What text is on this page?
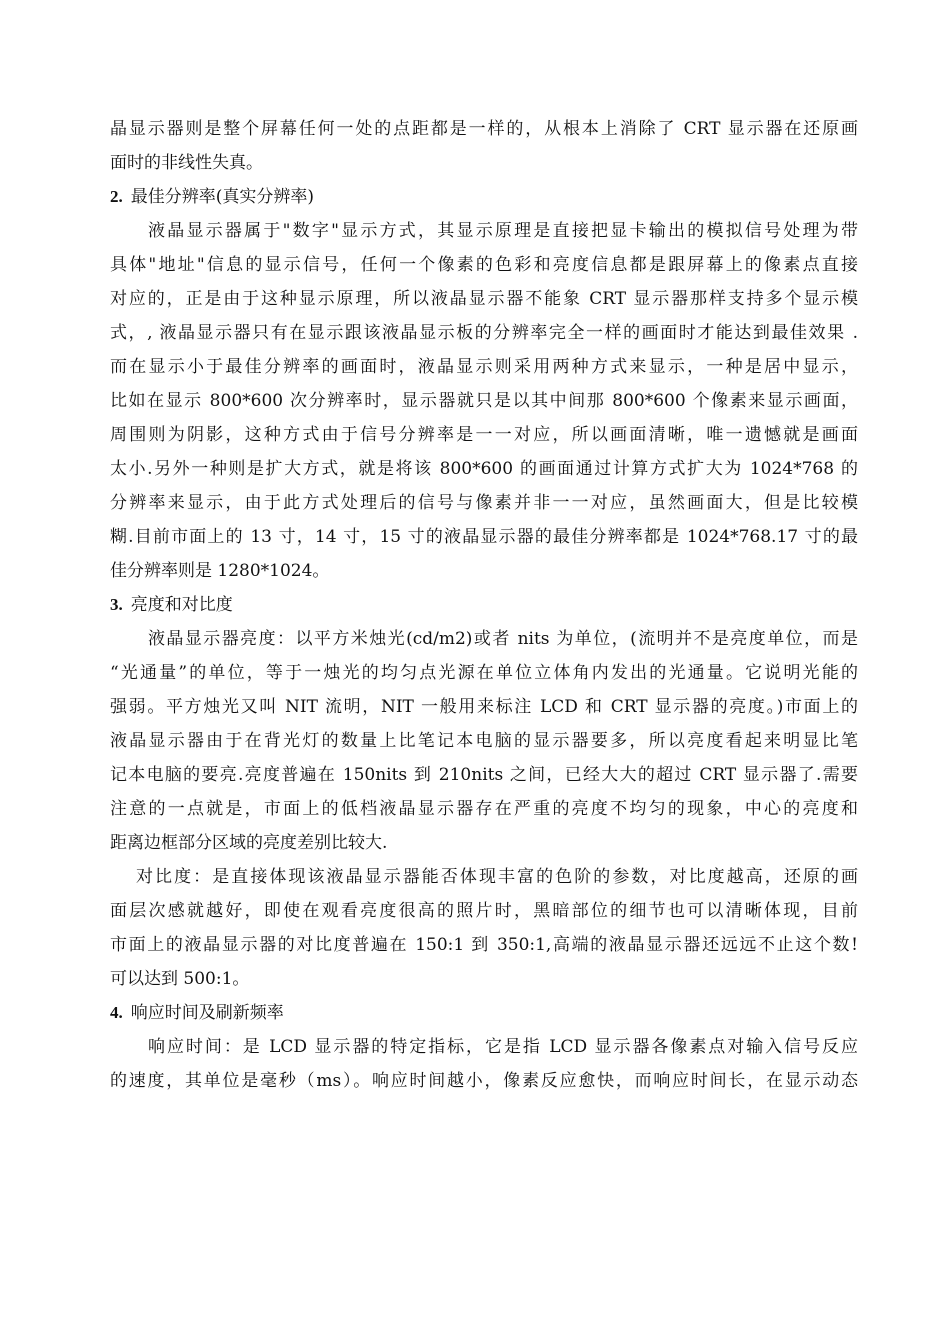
晶显示器则是整个屏幕任何一处的点距都是一样的，从根本上消除了 CRT 显示器在还原画
面时的非线性失真。
2. 最佳分辨率(真实分辨率)
液晶显示器属于"数字"显示方式，其显示原理是直接把显卡输出的模拟信号处理为带
具体"地址"信息的显示信号，任何一个像素的色彩和亮度信息都是跟屏幕上的像素点直接
对应的，正是由于这种显示原理，所以液晶显示器不能象 CRT 显示器那样支持多个显示模
式，, 液晶显示器只有在显示跟该液晶显示板的分辨率完全一样的画面时才能达到最佳效果 .
而在显示小于最佳分辨率的画面时，液晶显示则采用两种方式来显示，一种是居中显示，
比如在显示 800*600 次分辨率时，显示器就只是以其中间那 800*600 个像素来显示画面，
周围则为阴影，这种方式由于信号分辨率是一一对应，所以画面清晰，唯一遗憾就是画面
太小.另外一种则是扩大方式，就是将该 800*600 的画面通过计算方式扩大为 1024*768 的
分辨率来显示，由于此方式处理后的信号与像素并非一一对应，虽然画面大，但是比较模
糊.目前市面上的 13 寸，14 寸，15 寸的液晶显示器的最佳分辨率都是 1024*768.17 寸的最
佳分辨率则是 1280*1024。
3. 亮度和对比度
液晶显示器亮度：以平方米烛光(cd/m2)或者 nits 为单位，(流明并不是亮度单位，而是
“光通量”的单位，等于一烛光的均匀点光源在单位立体角内发出的光通量。它说明光能的
强弱。平方烛光又叫 NIT 流明，NIT 一般用来标注 LCD 和 CRT 显示器的亮度。)市面上的
液晶显示器由于在背光灯的数量上比笔记本电脑的显示器要多，所以亮度看起来明显比笔
记本电脑的要亮.亮度普遍在 150nits 到 210nits 之间，已经大大的超过 CRT 显示器了.需要
注意的一点就是，市面上的低档液晶显示器存在严重的亮度不均匀的现象，中心的亮度和
距离边框部分区域的亮度差别比较大.
对比度：是直接体现该液晶显示器能否体现丰富的色阶的参数，对比度越高，还原的画
面层次感就越好，即使在观看亮度很高的照片时，黑暗部位的细节也可以清晰体现，目前
市面上的液晶显示器的对比度普遍在 150:1 到 350:1,高端的液晶显示器还远远不止这个数!
可以达到 500:1。
4. 响应时间及刷新频率
响应时间：是 LCD 显示器的特定指标，它是指 LCD 显示器各像素点对输入信号反应
的速度，其单位是毫秒（ms）。响应时间越小，像素反应愈快，而响应时间长，在显示动态
